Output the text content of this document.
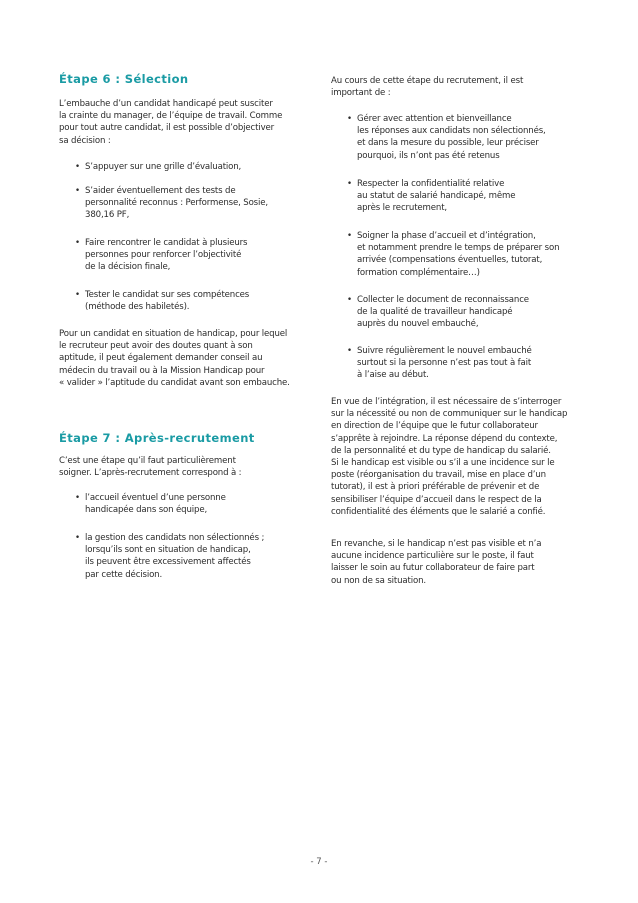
Étape 6 : Sélection
L’embauche d’un candidat handicapé peut susciter
la crainte du manager, de l’équipe de travail. Comme
pour tout autre candidat, il est possible d’objectiver
sa décision :
• S’appuyer sur une grille d’évaluation,
• S’aider éventuellement des tests de
personnalité reconnus : Performense, Sosie,
380,16 PF,
• Faire rencontrer le candidat à plusieurs
personnes pour renforcer l’objectivité
de la décision finale,
• Tester le candidat sur ses compétences
(méthode des habiletés).
Pour un candidat en situation de handicap, pour lequel
le recruteur peut avoir des doutes quant à son
aptitude, il peut également demander conseil au
médecin du travail ou à la Mission Handicap pour
« valider » l’aptitude du candidat avant son embauche.
Étape 7 : Après-recrutement
C’est une étape qu’il faut particulièrement
soigner. L’après-recrutement correspond à :
• l’accueil éventuel d’une personne
handicapée dans son équipe,
• la gestion des candidats non sélectionnés ;
lorsqu’ils sont en situation de handicap,
ils peuvent être excessivement affectés
par cette décision.
Au cours de cette étape du recrutement, il est
important de :
• Gérer avec attention et bienveillance
les réponses aux candidats non sélectionnés,
et dans la mesure du possible, leur préciser
pourquoi, ils n’ont pas été retenus
• Respecter la confidentialité relative
au statut de salarié handicapé, même
après le recrutement,
• Soigner la phase d’accueil et d’intégration,
et notamment prendre le temps de préparer son
arrivée (compensations éventuelles, tutorat,
formation complémentaire…)
• Collecter le document de reconnaissance
de la qualité de travailleur handicapé
auprès du nouvel embauché,
• Suivre régulièrement le nouvel embauché
surtout si la personne n’est pas tout à fait
à l’aise au début.
En vue de l’intégration, il est nécessaire de s’interroger
sur la nécessité ou non de communiquer sur le handicap
en direction de l’équipe que le futur collaborateur
s’apprête à rejoindre. La réponse dépend du contexte,
de la personnalité et du type de handicap du salarié.
Si le handicap est visible ou s’il a une incidence sur le
poste (réorganisation du travail, mise en place d’un
tutorat), il est à priori préférable de prévenir et de
sensibiliser l’équipe d’accueil dans le respect de la
confidentialité des éléments que le salarié a confié.
En revanche, si le handicap n’est pas visible et n’a
aucune incidence particulière sur le poste, il faut
laisser le soin au futur collaborateur de faire part
ou non de sa situation.
- 7 -
